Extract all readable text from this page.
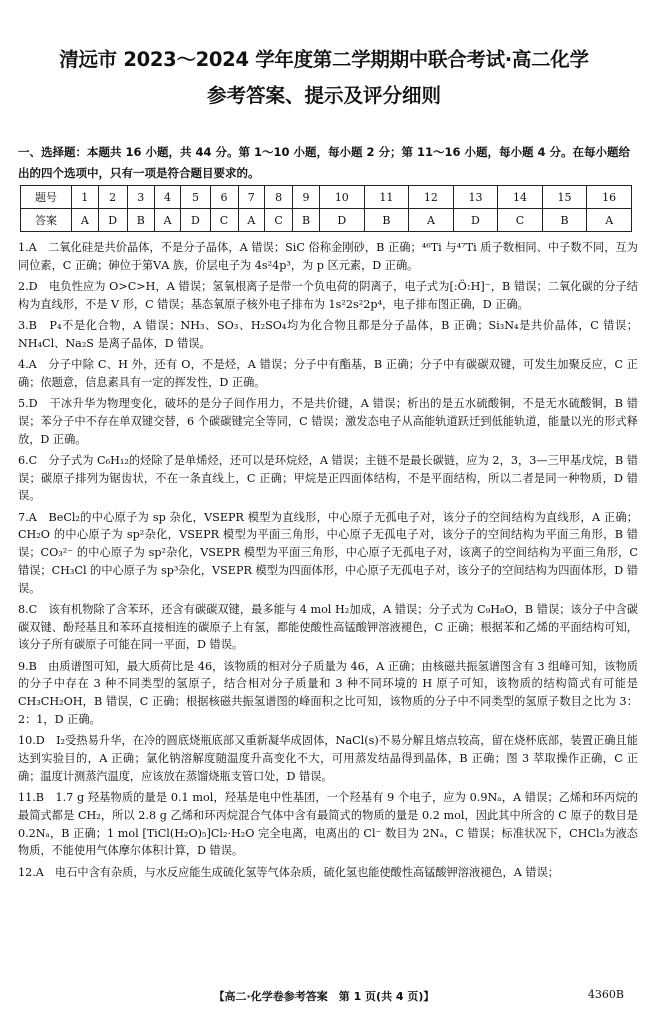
清远市 2023～2024 学年度第二学期期中联合考试·高二化学
参考答案、提示及评分细则
一、选择题：本题共 16 小题，共 44 分。第 1～10 小题，每小题 2 分；第 11～16 小题，每小题 4 分。在每小题给出的四个选项中，只有一项是符合题目要求的。
题号	1	2	3	4	5	6	7	8	9	10	11	12	13	14	15	16
答案	A	D	B	A	D	C	A	C	B	D	B	A	D	C	B	A
1.A　二氧化硅是共价晶体，不是分子晶体，A 错误；SiC 俗称金刚砂，B 正确；⁴⁶Ti 与⁴⁷Ti 质子数相同、中子数不同，互为同位素，C 正确；砷位于第ⅤA 族，价层电子为 4s²4p³，为 p 区元素，D 正确。
2.D　电负性应为 O>C>H，A 错误；氢氧根离子是带一个负电荷的阴离子，电子式为[:Ö:H]⁻，B 错误；二氧化碳的分子结构为直线形，不是 V 形，C 错误；基态氧原子核外电子排布为 1s²2s²2p⁴，电子排布图正确，D 正确。
3.B　P₄不是化合物，A 错误；NH₃、SO₃、H₂SO₄均为化合物且都是分子晶体，B 正确；Si₃N₄是共价晶体，C 错误；NH₄Cl、Na₂S 是离子晶体，D 错误。
4.A　分子中除 C、H 外，还有 O，不是烃，A 错误；分子中有酯基，B 正确；分子中有碳碳双键，可发生加聚反应，C 正确；依题意，信息素具有一定的挥发性，D 正确。
5.D　干冰升华为物理变化，破坏的是分子间作用力，不是共价键，A 错误；析出的是五水硫酸铜，不是无水硫酸铜，B 错误；苯分子中不存在单双键交替，6 个碳碳键完全等同，C 错误；激发态电子从高能轨道跃迁到低能轨道，能量以光的形式释放，D 正确。
6.C　分子式为 C₆H₁₂的烃除了是单烯烃，还可以是环烷烃，A 错误；主链不是最长碳链，应为 2，3，3—三甲基戊烷，B 错误；碳原子排列为锯齿状，不在一条直线上，C 正确；甲烷是正四面体结构，不是平面结构，所以二者是同一种物质，D 错误。
7.A　BeCl₂的中心原子为 sp 杂化，VSEPR 模型为直线形，中心原子无孤电子对，该分子的空间结构为直线形，A 正确；CH₂O 的中心原子为 sp²杂化，VSEPR 模型为平面三角形，中心原子无孤电子对，该分子的空间结构为平面三角形，B 错误；CO₃²⁻ 的中心原子为 sp²杂化，VSEPR 模型为平面三角形，中心原子无孤电子对，该离子的空间结构为平面三角形，C 错误；CH₃Cl 的中心原子为 sp³杂化，VSEPR 模型为四面体形，中心原子无孤电子对，该分子的空间结构为四面体形，D 错误。
8.C　该有机物除了含苯环，还含有碳碳双键，最多能与 4 mol H₂加成，A 错误；分子式为 C₉H₈O，B 错误；该分子中含碳碳双键、酚羟基且和苯环直接相连的碳原子上有氢，都能使酸性高锰酸钾溶液褪色，C 正确；根据苯和乙烯的平面结构可知，该分子所有碳原子可能在同一平面，D 错误。
9.B　由质谱图可知，最大质荷比是 46，该物质的相对分子质量为 46，A 正确；由核磁共振氢谱图含有 3 组峰可知，该物质的分子中存在 3 种不同类型的氢原子，结合相对分子质量和 3 种不同环境的 H 原子可知，该物质的结构简式有可能是 CH₃CH₂OH，B 错误，C 正确；根据核磁共振氢谱图的峰面积之比可知，该物质的分子中不同类型的氢原子数目之比为 3：2：1，D 正确。
10.D　I₂受热易升华，在冷的圆底烧瓶底部又重新凝华成固体，NaCl(s)不易分解且熔点较高，留在烧杯底部，装置正确且能达到实验目的，A 正确；氯化钠溶解度随温度升高变化不大，可用蒸发结晶得到晶体，B 正确；图 3 萃取操作正确，C 正确；温度计测蒸汽温度，应该放在蒸馏烧瓶支管口处，D 错误。
11.B　1.7 g 羟基物质的量是 0.1 mol，羟基是电中性基团，一个羟基有 9 个电子，应为 0.9Nₐ，A 错误；乙烯和环丙烷的最简式都是 CH₂，所以 2.8 g 乙烯和环丙烷混合气体中含有最简式的物质的量是 0.2 mol，因此其中所含的 C 原子的数目是 0.2Nₐ，B 正确；1 mol [TiCl(H₂O)₅]Cl₂·H₂O 完全电离，电离出的 Cl⁻ 数目为 2Nₐ，C 错误；标准状况下，CHCl₃为液态物质，不能使用气体摩尔体积计算，D 错误。
12.A　电石中含有杂质，与水反应能生成硫化氢等气体杂质，硫化氢也能使酸性高锰酸钾溶液褪色，A 错误；
【高二·化学卷参考答案　第 1 页(共 4 页)】	4360B
